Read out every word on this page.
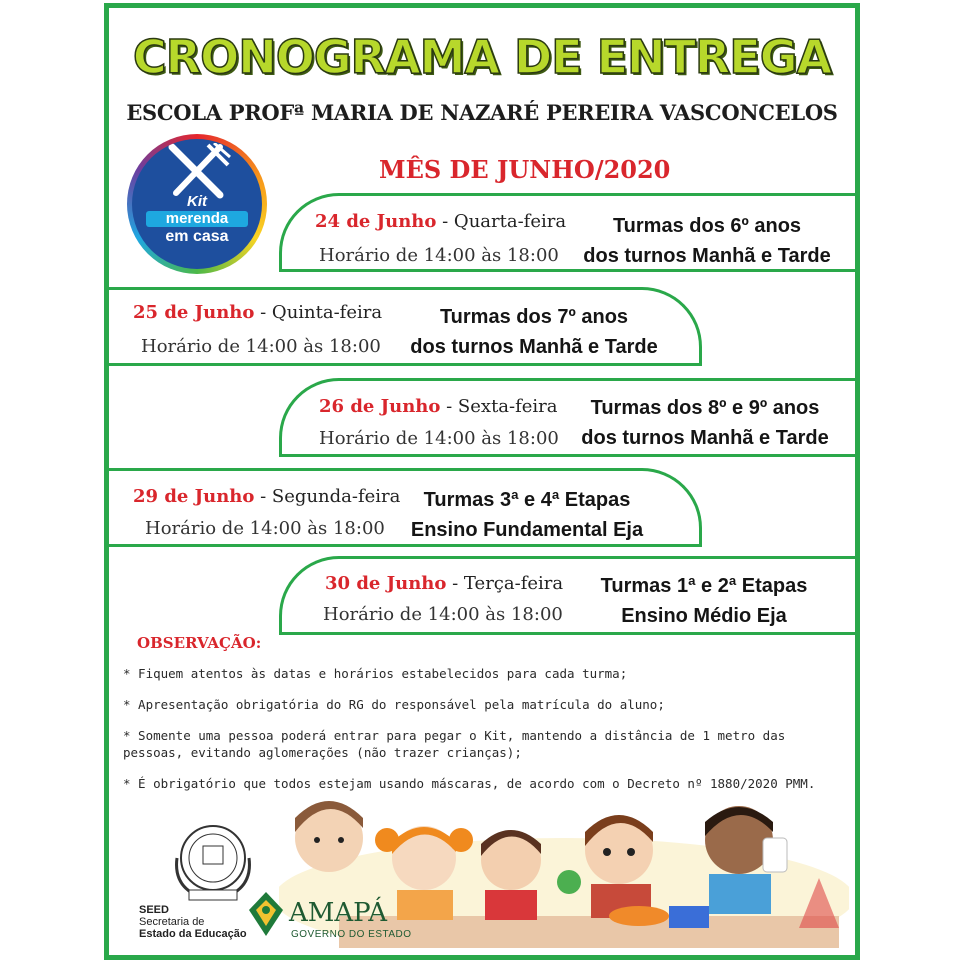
CRONOGRAMA DE ENTREGA
ESCOLA PROFª MARIA DE NAZARÉ PEREIRA VASCONCELOS
MÊS DE JUNHO/2020
Kit
merenda
em casa
24 de Junho - Quarta-feira
Horário de 14:00 às 18:00
Turmas dos 6º anos
dos turnos Manhã e Tarde
25 de Junho - Quinta-feira
Horário de 14:00 às 18:00
Turmas dos 7º anos
dos turnos Manhã e Tarde
26 de Junho - Sexta-feira
Horário de 14:00 às 18:00
Turmas dos 8º e 9º anos
dos turnos Manhã e Tarde
29 de Junho - Segunda-feira
Horário de 14:00 às 18:00
Turmas 3ª e 4ª Etapas
Ensino Fundamental Eja
30 de Junho - Terça-feira
Horário de 14:00 às 18:00
Turmas 1ª e 2ª Etapas
Ensino Médio Eja
OBSERVAÇÃO:
* Fiquem atentos às datas e horários estabelecidos para cada turma;
* Apresentação obrigatória do RG do responsável pela matrícula do aluno;
* Somente uma pessoa poderá entrar para pegar o Kit, mantendo a distância de 1 metro das pessoas, evitando aglomerações (não trazer crianças);
* É obrigatório que todos estejam usando máscaras, de acordo com o Decreto nº 1880/2020 PMM.
SEED
Secretaria de
Estado da Educação
AMAPÁ
GOVERNO DO ESTADO
